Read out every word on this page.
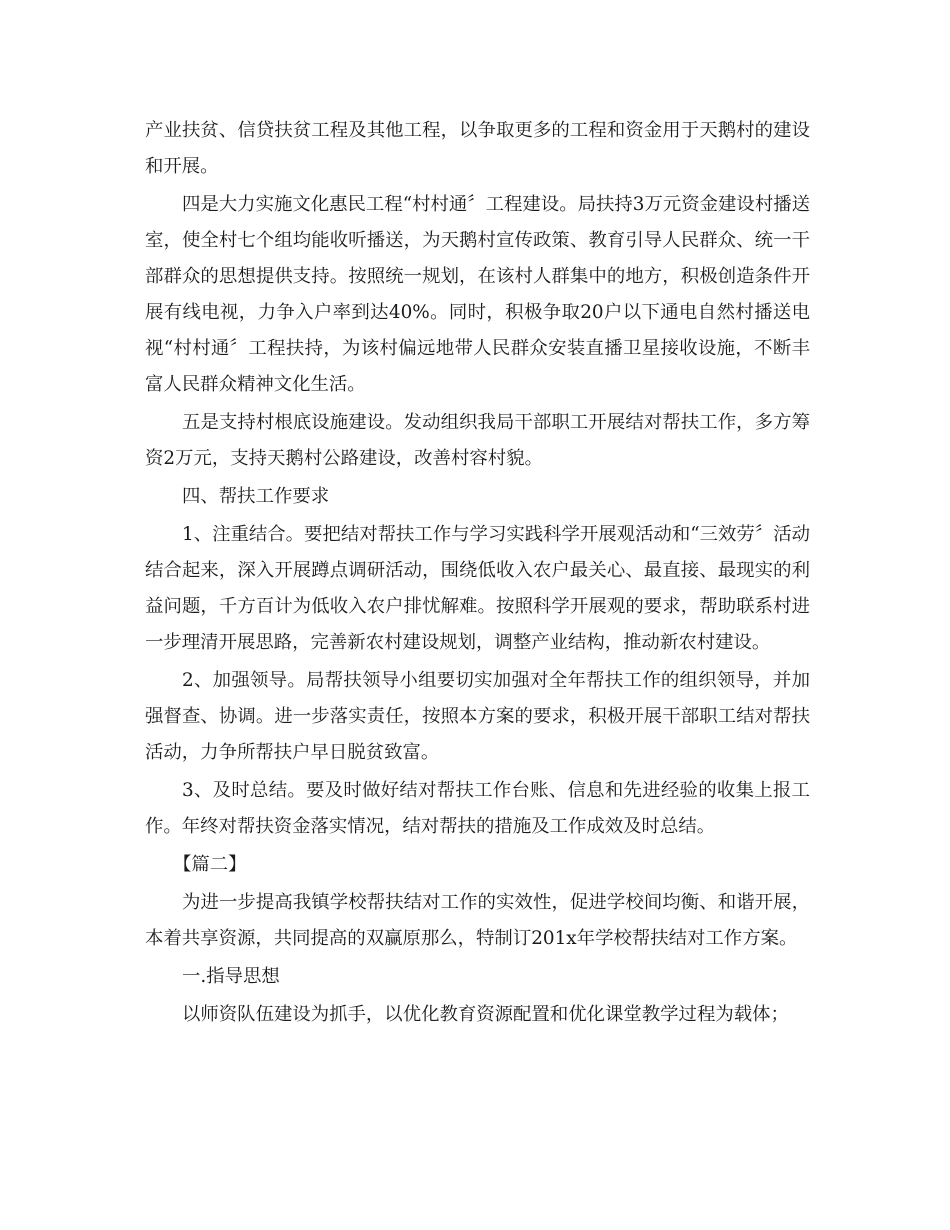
产业扶贫、信贷扶贫工程及其他工程，以争取更多的工程和资金用于天鹅村的建设和开展。

四是大力实施文化惠民工程“村村通〞工程建设。局扶持3万元资金建设村播送室，使全村七个组均能收听播送，为天鹅村宣传政策、教育引导人民群众、统一干部群众的思想提供支持。按照统一规划，在该村人群集中的地方，积极创造条件开展有线电视，力争入户率到达40%。同时，积极争取20户以下通电自然村播送电视“村村通〞工程扶持，为该村偏远地带人民群众安装直播卫星接收设施，不断丰富人民群众精神文化生活。

五是支持村根底设施建设。发动组织我局干部职工开展结对帮扶工作，多方筹资2万元，支持天鹅村公路建设，改善村容村貌。

四、帮扶工作要求

1、注重结合。要把结对帮扶工作与学习实践科学开展观活动和“三效劳〞活动结合起来，深入开展蹲点调研活动，围绕低收入农户最关心、最直接、最现实的利益问题，千方百计为低收入农户排忧解难。按照科学开展观的要求，帮助联系村进一步理清开展思路，完善新农村建设规划，调整产业结构，推动新农村建设。

2、加强领导。局帮扶领导小组要切实加强对全年帮扶工作的组织领导，并加强督查、协调。进一步落实责任，按照本方案的要求，积极开展干部职工结对帮扶活动，力争所帮扶户早日脱贫致富。

3、及时总结。要及时做好结对帮扶工作台账、信息和先进经验的收集上报工作。年终对帮扶资金落实情况，结对帮扶的措施及工作成效及时总结。

【篇二】

为进一步提高我镇学校帮扶结对工作的实效性，促进学校间均衡、和谐开展，本着共享资源，共同提高的双赢原那么，特制订201x年学校帮扶结对工作方案。

一.指导思想

以师资队伍建设为抓手，以优化教育资源配置和优化课堂教学过程为载体；
